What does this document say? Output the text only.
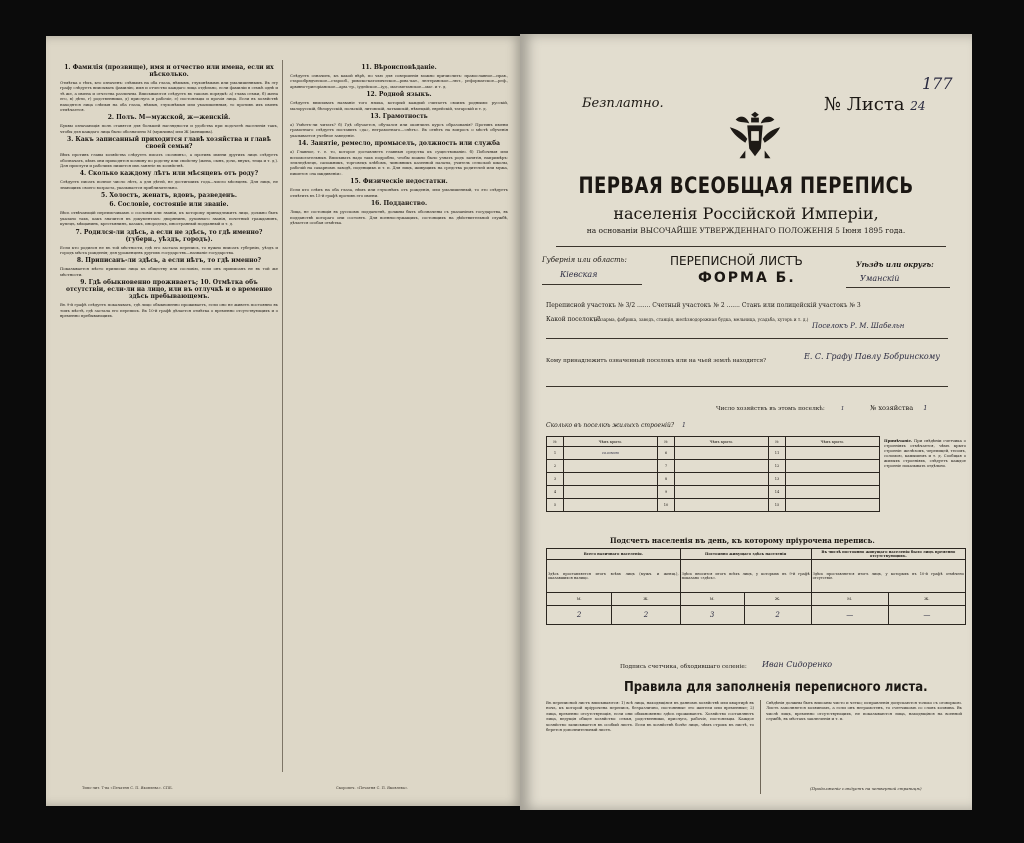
1. Фамилія (прозвище), имя и отчество или имена, если их нѣсколько.
Отмѣтка о тѣхъ, кто означенъ: слѣпымъ на оба глаза, нѣмымъ, глухонѣмымъ или умалишеннымъ. Въ эту графу слѣдуетъ вписывать фамилію, имя и отчество каждаго лица отдѣльно, если фамиліи в семьѣ однѣ и тѣ же, а имена и отчества различны. Вписываются слѣдуетъ въ такомъ порядкѣ: а) глава семьи, б) жена его, в) дѣти, г) родственники, д) прислуга и рабочіе, е) постояльцы и прочія лица. Если въ хозяйствѣ находятся лица слѣпыя на оба глаза, нѣмыя, глухонѣмыя или умалишенныя, то противъ ихъ именъ отмѣчается.
2. Полъ. М—мужской, ж—женскій.
Буквы означающія полъ ставятся для большей наглядности и удобства при подсчетѣ населенія такъ, чтобы для каждаго лица было обозначено М (мужчина) или Ж (женщина).
3. Какъ записанный приходится главѣ хозяйства и главѣ своей семьи?
Вѣхъ противъ главы хозяйства слѣдуетъ писать «хозяинъ», а противъ имени другихъ лицъ слѣдуетъ обозначать, кѣмъ они приходятся хозяину по родству или свойству (жена, сынъ, дочь, внукъ, теща и т. д.). Для прислуги и рабочихъ пишется ихъ занятіе въ хозяйствѣ.
4. Сколько каждому лѣтъ или мѣсяцевъ отъ роду?
Слѣдуетъ писать полное число лѣтъ, а для дѣтей, не достигшихъ года—число мѣсяцевъ. Для лицъ, не знающихъ своего возраста, указывается приблизительно.
5. Холостъ, женатъ, вдовъ, разведенъ.
6. Сословіе, состояніе или званіе.
Вѣсь отвѣчающій переписчикамъ о сословіи или званіи, къ которому принадлежитъ лицо, должно быть указано такъ, какъ значится въ документахъ: дворянинъ, духовнаго званія, почетный гражданинъ, купецъ, мѣщанинъ, крестьянинъ, казакъ, инородецъ, иностранный подданный и т. д.
7. Родился-ли здѣсь, а если не здѣсь, то гдѣ именно? (губерн., уѣздъ, городъ).
Если кто родился не въ той мѣстности, гдѣ его застала перепись, то нужно вписать губернію, уѣздъ и городъ мѣста рожденія; для уроженцевъ другихъ государствъ—названіе государства.
8. Приписанъ-ли здѣсь, а если нѣтъ, то гдѣ именно?
Показывается мѣсто приписки лица къ обществу или сословію, если онъ приписанъ не въ той же мѣстности.
9. Гдѣ обыкновенно проживаетъ; 10. Отмѣтка объ отсутствіи, если-ли на лицо, или въ отлучкѣ и о временно здѣсь пребывающемъ.
Въ 9-й графѣ слѣдуетъ показывать, гдѣ лицо обыкновенно проживаетъ, если оно не живетъ постоянно въ томъ мѣстѣ, гдѣ застала его перепись. Въ 10-й графѣ дѣлается отмѣтка о временно отсутствующихъ и о временно пребывающихъ.
11. Вѣроисповѣданіе.
Слѣдуетъ означить, къ какой вѣрѣ, по чью для совершенія можно причислить: православное—прав., старообрядческое—старооб., римско-католическое—рим.-кат., лютеранское—лют., реформатское—реф., армяно-григоріанское—арм.-гр., іудейское—іуд., магометанское—маг. и т. д.
12. Родной языкъ.
Слѣдуетъ вписывать названіе того языка, который каждый считаетъ своимъ родными: русскій, малорусскій, бѣлорусскій, польскій, литовскій, латышскій, нѣмецкій, еврейскій, татарскій и т. д.
13. Грамотность
а) Умѣетъ-ли читать? б) Гдѣ обучается, обучался или окончилъ курсъ образованія? Противъ имени грамотнаго слѣдуетъ поставить «да», неграмотнаго—«нѣтъ». Въ отвѣтъ на вопросъ о мѣстѣ обученія указывается учебное заведеніе.
14. Занятіе, ремесло, промыселъ, должность или служба
а) Главное, т. е. то, которое доставляетъ главныя средства къ существованію. б) Побочныя или вспомогательныя. Вписывать надо такъ подробно, чтобы можно было узнать родъ занятія, напримѣръ: земледѣлецъ, сапожникъ, торговецъ хлѣбомъ, чиновникъ казенной палаты, учитель сельской школы, рабочій на сахарномъ заводѣ, поденщикъ и т. п. Для лицъ, живущихъ на средства родителей или мужа, пишется «на иждивеніи».
15. Физическіе недостатки.
Если кто слѣпъ на оба глаза, нѣмъ или глухонѣмъ отъ рожденія, или умалишенный, то это слѣдуетъ отмѣтить въ 15-й графѣ противъ его имени.
16. Подданство.
Лица, не состоящія въ русскомъ подданствѣ, должны быть обозначены съ указаніемъ государства, въ подданствѣ котораго они состоятъ. Для военнослужащихъ, состоящихъ на дѣйствительной службѣ, дѣлается особая отмѣтка.
Типо-лит. Т-ва «Печатня С. П. Яковлева». СПБ.	Скоропеч. «Печатня С. П. Яковлева».
Безплатно.	№ Листа 24
177
ПЕРВАЯ ВСЕОБЩАЯ ПЕРЕПИСЬ
населенія Россійской Имперіи,
на основаніи ВЫСОЧАЙШЕ УТВЕРЖДЕННАГО ПОЛОЖЕНІЯ 5 Іюня 1895 года.
Губернія или область:
Кіевская
ПЕРЕПИСНОЙ ЛИСТЪ
ФОРМА Б.
Уѣздъ или округъ:
Уманскій
Переписной участокъ № 3/2 ....... Счетный участокъ № 2 ....... Станъ или полицейскій участокъ № 3
Какой поселокъ?
(Казарма, фабрика, заводъ, станція, желѣзнодорожная будка, мельница, усадьба, хуторъ и т. д.)
Поселокъ Р. М. Шабельн
Кому принадлежитъ означенный поселокъ или на чьей землѣ находится?	Е. С. Графу Павлу Бобринскому
Число хозяйствъ въ этомъ поселкѣ:	1	№ хозяйства 1
Сколько въ поселкѣ жилыхъ строеній? 1
№	Чѣмъ крыто.	№	Чѣмъ крыто.	№	Чѣмъ крыто.
1	соломою	6		11	
2		7		12	
3		8		13	
4		9		14	
5		10		15	
Примѣчаніе. При свѣдѣніи счетчика о строеніяхъ отмѣчается, чѣмъ крыто строеніе: желѣзомъ, черепицей, тесомъ, соломою, камышемъ и т. д. Сообщая о жилыхъ строеніяхъ, слѣдуетъ каждое строеніе показывать отдѣльно.
Подсчетъ населенія въ день, къ которому пріурочена перепись.
Всего наличнаго населенія.		Постоянно живущаго здѣсь населенія		Въ числѣ постоянно живущаго населенія было лицъ временно отсутствующихъ.	
Здѣсь проставляется итогъ всѣхъ лицъ (мужч. и женщ.), оказавшихся налицо.		Здѣсь вносится итогъ всѣхъ лицъ, у которыхъ въ 9-й графѣ показано «здѣсь».		Здѣсь проставляется итогъ лицъ, у которыхъ въ 10-й графѣ отмѣчено отсутствіе.	
М.	Ж.	М.	Ж.	М.	Ж.
2	2	3	2	—	—
Подпись счетчика, обходившаго селеніе: Иван Сидоренко
Правила для заполненія переписного листа.
Въ переписной листъ вписываются: 1) всѣ лица, находящіяся въ данномъ хозяйствѣ или квартирѣ въ ночь, къ которой пріурочена перепись, безразлично, постоянные это жители или временные; 2) лица, временно отсутствующія, если они обыкновенно здѣсь проживаютъ. Хозяйство составляютъ лица, ведущія общее хозяйство: семья, родственники, прислуга, рабочіе, постояльцы. Каждое хозяйство записывается въ особый листъ. Если въ хозяйствѣ болѣе лицъ, чѣмъ строкъ въ листѣ, то берется дополнительный листъ.
Свѣдѣнія должны быть вписаны чисто и четко; исправленія допускаются только съ оговоркою. Листъ заполняется хозяиномъ, а если онъ неграмотенъ, то счетчикомъ со словъ хозяина. Въ числѣ лицъ, временно отсутствующихъ, не показываются лица, находящіяся на военной службѣ, въ мѣстахъ заключенія и т. п.
(Продолженіе слѣдуетъ на четвертой страницѣ)
